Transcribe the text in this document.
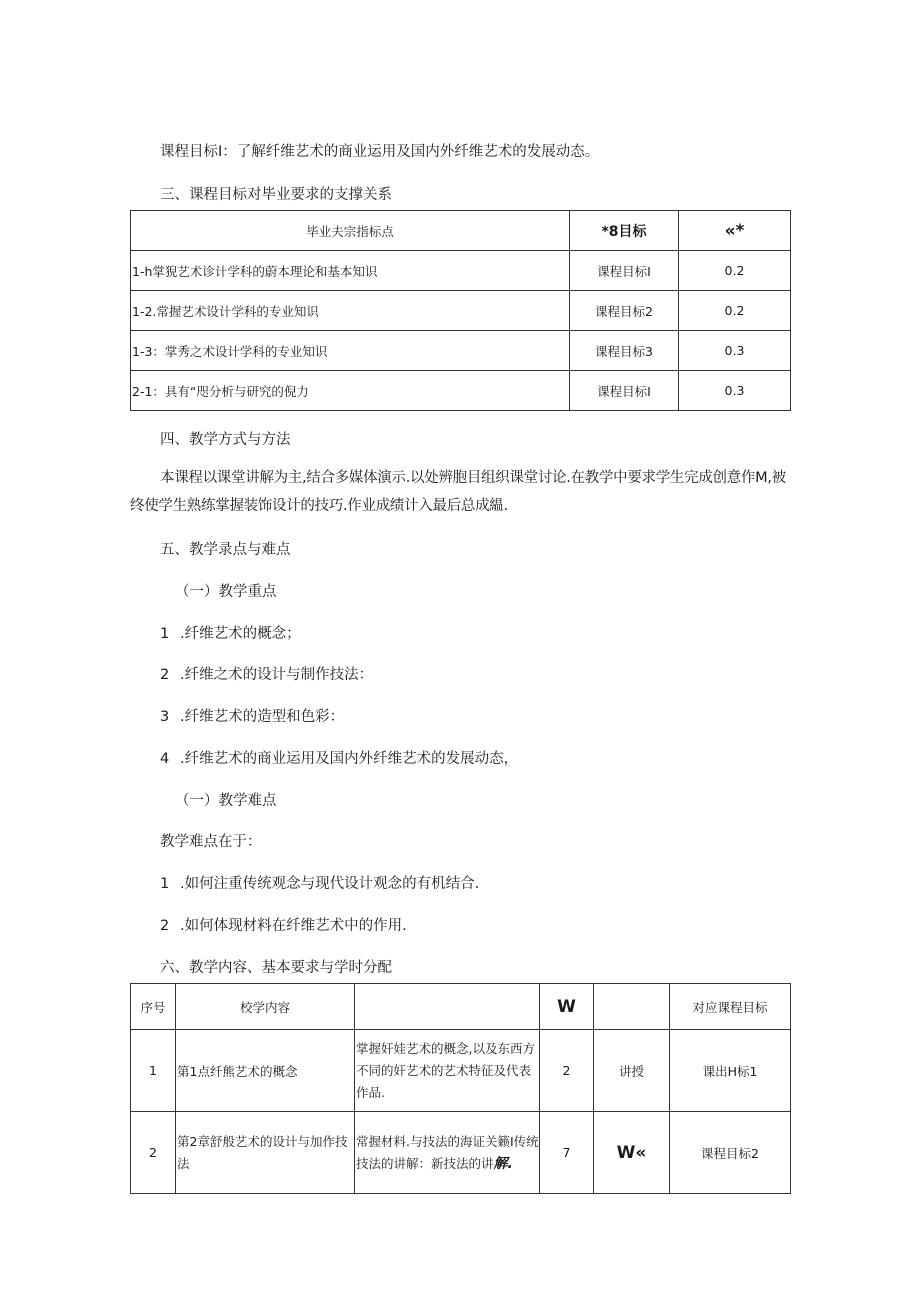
课程目标I：了解纤维艺术的商业运用及国内外纤维艺术的发展动态。
三、课程目标对毕业要求的支撑关系
毕业夫宗指标点	*8目标	«*
1-h掌猊艺术诊计学科的蔚本理论和基本知识	课程目标I	0.2
1-2.常握艺术设计学科的专业知识	课程目标2	0.2
1-3：掌秀之术设计学科的专业知识	课程目标3	0.3
2-1：具有“咫分析与研究的倪力	课程目标I	0.3
四、教学方式与方法
本课程以课堂讲解为主,结合多媒体演示.以处辨胞目组织课堂讨论.在教学中要求学生完成创意作M,被终使学生熟练掌握装饰设计的技巧.作业成绩计入最后总成緼.
五、教学录点与难点
（一）教学重点
1 .纤维艺术的概念；
2 .纤维之术的设计与制作技法：
3 .纤维艺术的造型和色彩：
4 .纤维艺术的商业运用及国内外纤维艺术的发展动态，
（一）教学难点
教学难点在于：
1 .如何注重传统观念与现代设计观念的有机结合.
2 .如何体现材料在纤维艺术中的作用.
六、教学内容、基本要求与学时分配
序号	校学内容		W		对应课程目标
1	第1点纤熊艺术的概念	掌握奸娃艺术的概念,以及东西方不同的奸艺术的艺术特征及代表作品.	2	讲授	课出H标1
2	第2章舒般艺术的设计与加作技法	常握材料.与技法的海证关籁I传统技法的讲解：新技法的讲解.	7	W«	课程目标2
